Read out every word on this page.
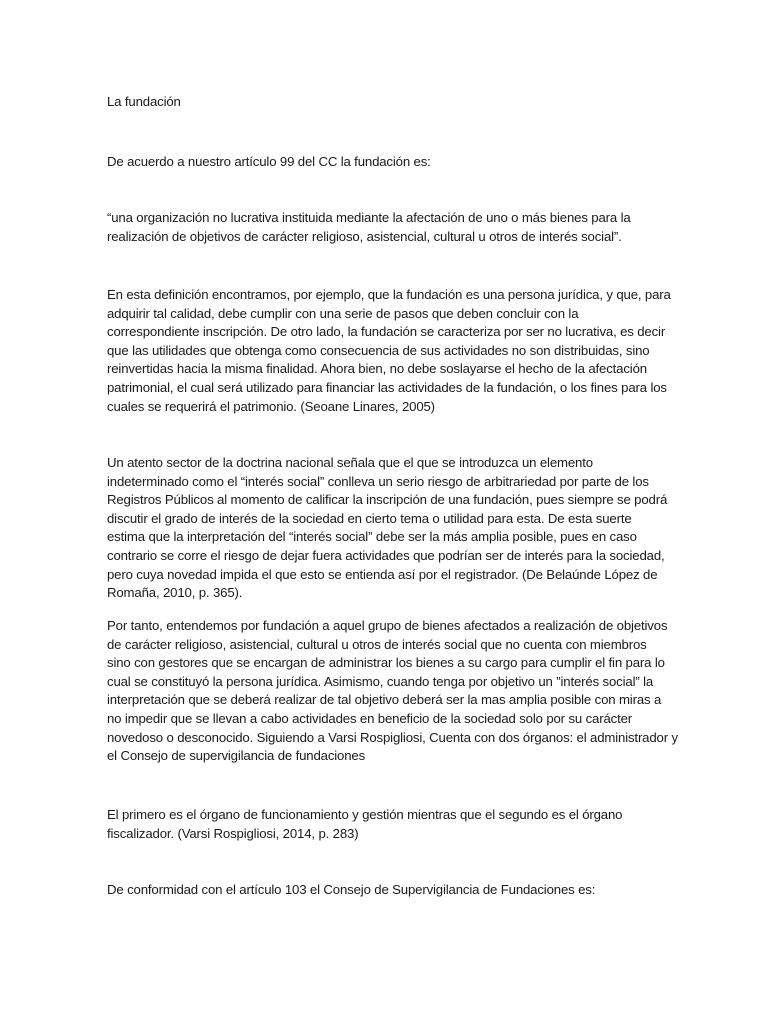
La fundación

De acuerdo a nuestro artículo 99 del CC la fundación es:

“una organización no lucrativa instituida mediante la afectación de uno o más bienes para la
realización de objetivos de carácter religioso, asistencial, cultural u otros de interés social”.

En esta definición encontramos, por ejemplo, que la fundación es una persona jurídica, y que, para
adquirir tal calidad, debe cumplir con una serie de pasos que deben concluir con la
correspondiente inscripción. De otro lado, la fundación se caracteriza por ser no lucrativa, es decir
que las utilidades que obtenga como consecuencia de sus actividades no son distribuidas, sino
reinvertidas hacia la misma finalidad. Ahora bien, no debe soslayarse el hecho de la afectación
patrimonial, el cual será utilizado para financiar las actividades de la fundación, o los fines para los
cuales se requerirá el patrimonio. (Seoane Linares, 2005)

Un atento sector de la doctrina nacional señala que el que se introduzca un elemento
indeterminado como el “interés social” conlleva un serio riesgo de arbitrariedad por parte de los
Registros Públicos al momento de calificar la inscripción de una fundación, pues siempre se podrá
discutir el grado de interés de la sociedad en cierto tema o utilidad para esta. De esta suerte
estima que la interpretación del “interés social” debe ser la más amplia posible, pues en caso
contrario se corre el riesgo de dejar fuera actividades que podrían ser de interés para la sociedad,
pero cuya novedad impida el que esto se entienda así por el registrador. (De Belaúnde López de
Romaña, 2010, p. 365).

Por tanto, entendemos por fundación a aquel grupo de bienes afectados a realización de objetivos
de carácter religioso, asistencial, cultural u otros de interés social que no cuenta con miembros
sino con gestores que se encargan de administrar los bienes a su cargo para cumplir el fin para lo
cual se constituyó la persona jurídica. Asimismo, cuando tenga por objetivo un ”interés social” la
interpretación que se deberá realizar de tal objetivo deberá ser la mas amplia posible con miras a
no impedir que se llevan a cabo actividades en beneficio de la sociedad solo por su carácter
novedoso o desconocido. Siguiendo a Varsi Rospigliosi, Cuenta con dos órganos: el administrador y
el Consejo de supervigilancia de fundaciones

El primero es el órgano de funcionamiento y gestión mientras que el segundo es el órgano
fiscalizador. (Varsi Rospigliosi, 2014, p. 283)

De conformidad con el artículo 103 el Consejo de Supervigilancia de Fundaciones es:
